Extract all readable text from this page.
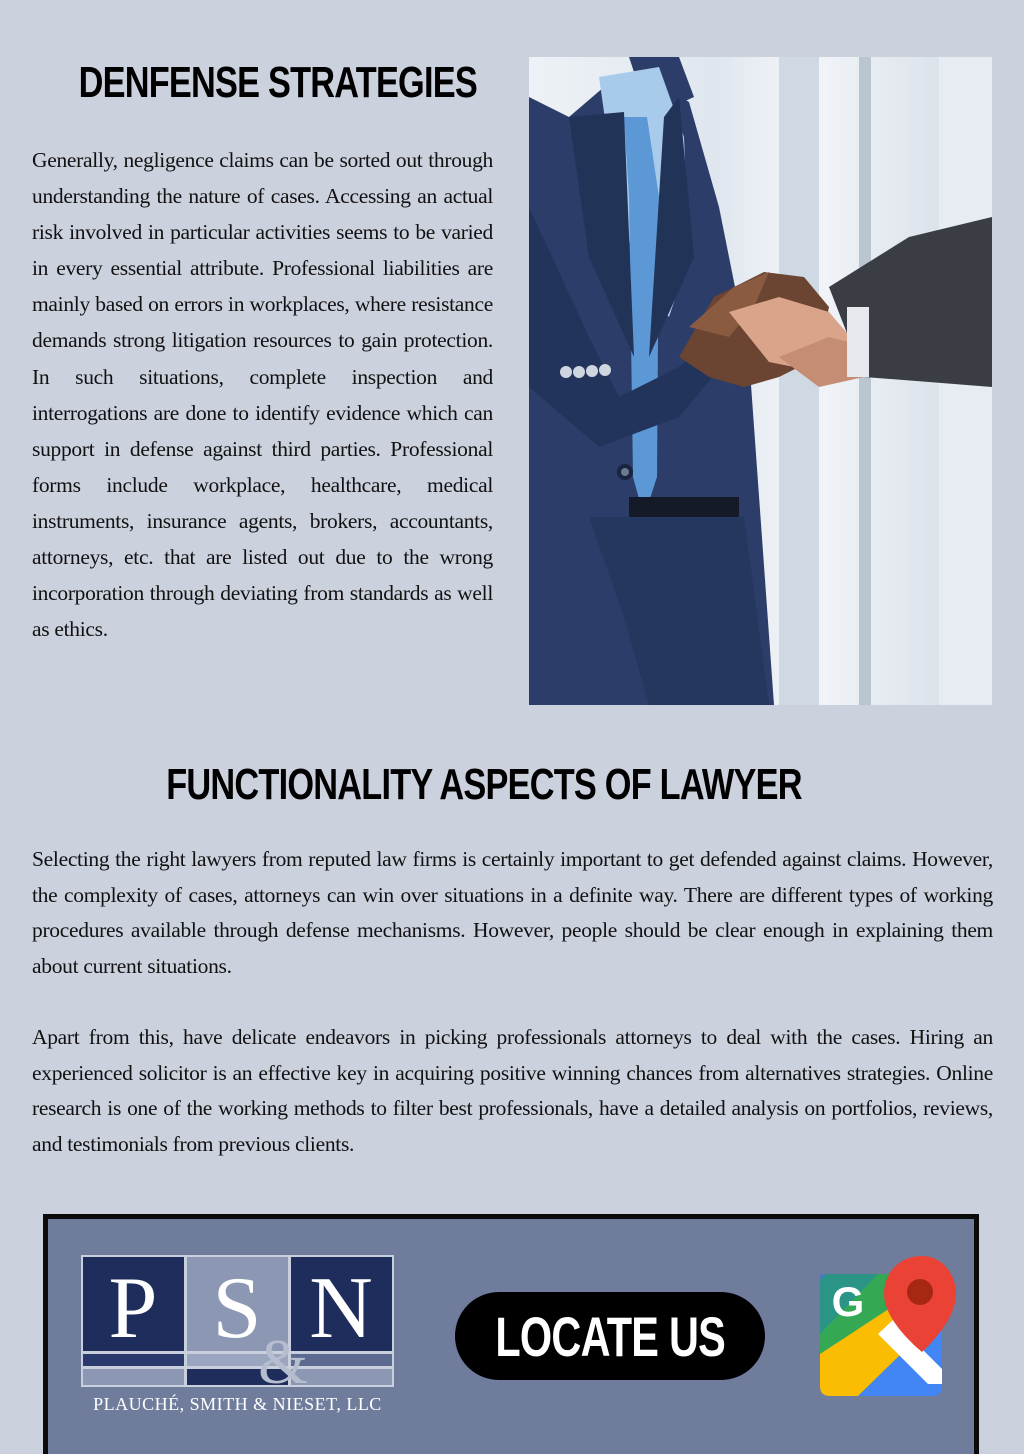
DENFENSE STRATEGIES

Generally, negligence claims can be sorted out through understanding the nature of cases. Accessing an actual risk involved in particular activities seems to be varied in every essential attribute. Professional liabilities are mainly based on errors in workplaces, where resistance demands strong litigation resources to gain protection. In such situations, complete inspection and interrogations are done to identify evidence which can support in defense against third parties. Professional forms include workplace, healthcare, medical instruments, insurance agents, brokers, accountants, attorneys, etc. that are listed out due to the wrong incorporation through deviating from standards as well as ethics.

FUNCTIONALITY ASPECTS OF LAWYER

Selecting the right lawyers from reputed law firms is certainly important to get defended against claims. However, the complexity of cases, attorneys can win over situations in a definite way. There are different types of working procedures available through defense mechanisms. However, people should be clear enough in explaining them about current situations.

Apart from this, have delicate endeavors in picking professionals attorneys to deal with the cases. Hiring an experienced solicitor is an effective key in acquiring positive winning chances from alternatives strategies. Online research is one of the working methods to filter best professionals, have a detailed analysis on portfolios, reviews, and testimonials from previous clients.

P S N
&
PLAUCHÉ, SMITH & NIESET, LLC
LOCATE US
G
